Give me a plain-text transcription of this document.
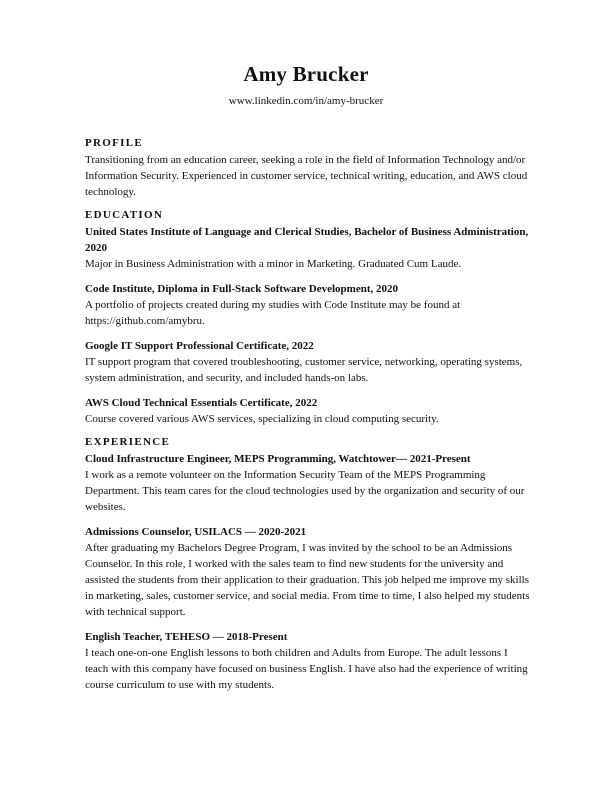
Amy Brucker

www.linkedin.com/in/amy-brucker

PROFILE

Transitioning from an education career, seeking a role in the field of Information Technology and/or Information Security. Experienced in customer service, technical writing, education, and AWS cloud technology.

EDUCATION

United States Institute of Language and Clerical Studies, Bachelor of Business Administration, 2020

Major in Business Administration with a minor in Marketing. Graduated Cum Laude.

Code Institute, Diploma in Full-Stack Software Development, 2020

A portfolio of projects created during my studies with Code Institute may be found at https://github.com/amybru.

Google IT Support Professional Certificate, 2022

IT support program that covered troubleshooting, customer service, networking, operating systems, system administration, and security, and included hands-on labs.

AWS Cloud Technical Essentials Certificate, 2022

Course covered various AWS services, specializing in cloud computing security.

EXPERIENCE

Cloud Infrastructure Engineer, MEPS Programming, Watchtower— 2021-Present

I work as a remote volunteer on the Information Security Team of the MEPS Programming Department. This team cares for the cloud technologies used by the organization and security of our websites.

Admissions Counselor, USILACS — 2020-2021

After graduating my Bachelors Degree Program, I was invited by the school to be an Admissions Counselor. In this role, I worked with the sales team to find new students for the university and assisted the students from their application to their graduation. This job helped me improve my skills in marketing, sales, customer service, and social media. From time to time, I also helped my students with technical support.

English Teacher, TEHESO — 2018-Present

I teach one-on-one English lessons to both children and Adults from Europe. The adult lessons I teach with this company have focused on business English. I have also had the experience of writing course curriculum to use with my students.
